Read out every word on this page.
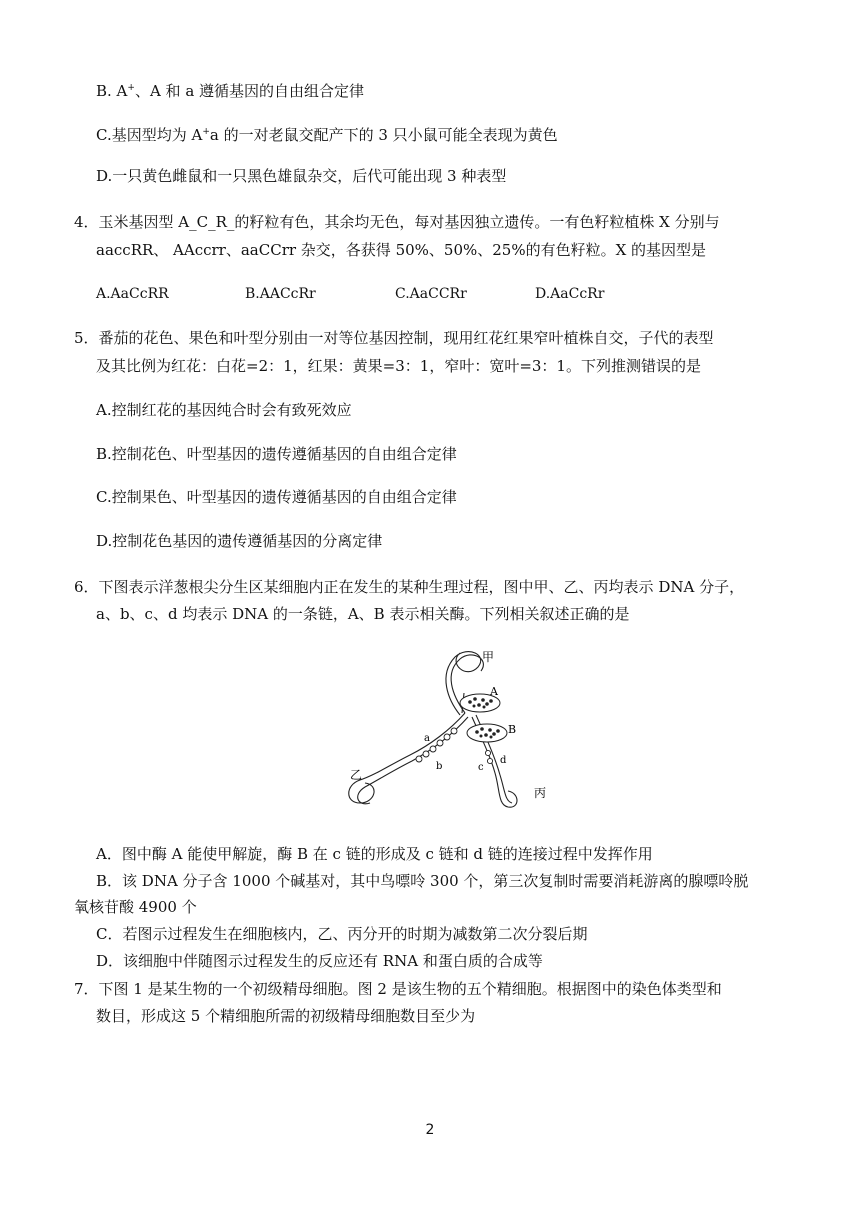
B. A+、A 和 a 遵循基因的自由组合定律
C.基因型均为 A+a 的一对老鼠交配产下的 3 只小鼠可能全表现为黄色
D.一只黄色雌鼠和一只黑色雄鼠杂交，后代可能出现 3 种表型
4．玉米基因型 A_C_R_的籽粒有色，其余均无色，每对基因独立遗传。一有色籽粒植株 X 分别与
aaccRR、 AAccrr、aaCCrr 杂交，各获得 50%、50%、25%的有色籽粒。X 的基因型是
A.AaCcRR	B.AACcRr	C.AaCCRr	D.AaCcRr
5．番茄的花色、果色和叶型分别由一对等位基因控制，现用红花红果窄叶植株自交，子代的表型
及其比例为红花：白花=2：1，红果：黄果=3：1，窄叶：宽叶=3：1。下列推测错误的是
A.控制红花的基因纯合时会有致死效应
B.控制花色、叶型基因的遗传遵循基因的自由组合定律
C.控制果色、叶型基因的遗传遵循基因的自由组合定律
D.控制花色基因的遗传遵循基因的分离定律
6．下图表示洋葱根尖分生区某细胞内正在发生的某种生理过程，图中甲、乙、丙均表示 DNA 分子，
a、b、c、d 均表示 DNA 的一条链，A、B 表示相关酶。下列相关叙述正确的是
甲
A
B
a
b	c
d
乙
丙
A．图中酶 A 能使甲解旋，酶 B 在 c 链的形成及 c 链和 d 链的连接过程中发挥作用
B．该 DNA 分子含 1000 个碱基对，其中鸟嘌呤 300 个，第三次复制时需要消耗游离的腺嘌呤脱
氧核苷酸 4900 个
C．若图示过程发生在细胞核内，乙、丙分开的时期为减数第二次分裂后期
D．该细胞中伴随图示过程发生的反应还有 RNA 和蛋白质的合成等
7．下图 1 是某生物的一个初级精母细胞。图 2 是该生物的五个精细胞。根据图中的染色体类型和
数目，形成这 5 个精细胞所需的初级精母细胞数目至少为
2
